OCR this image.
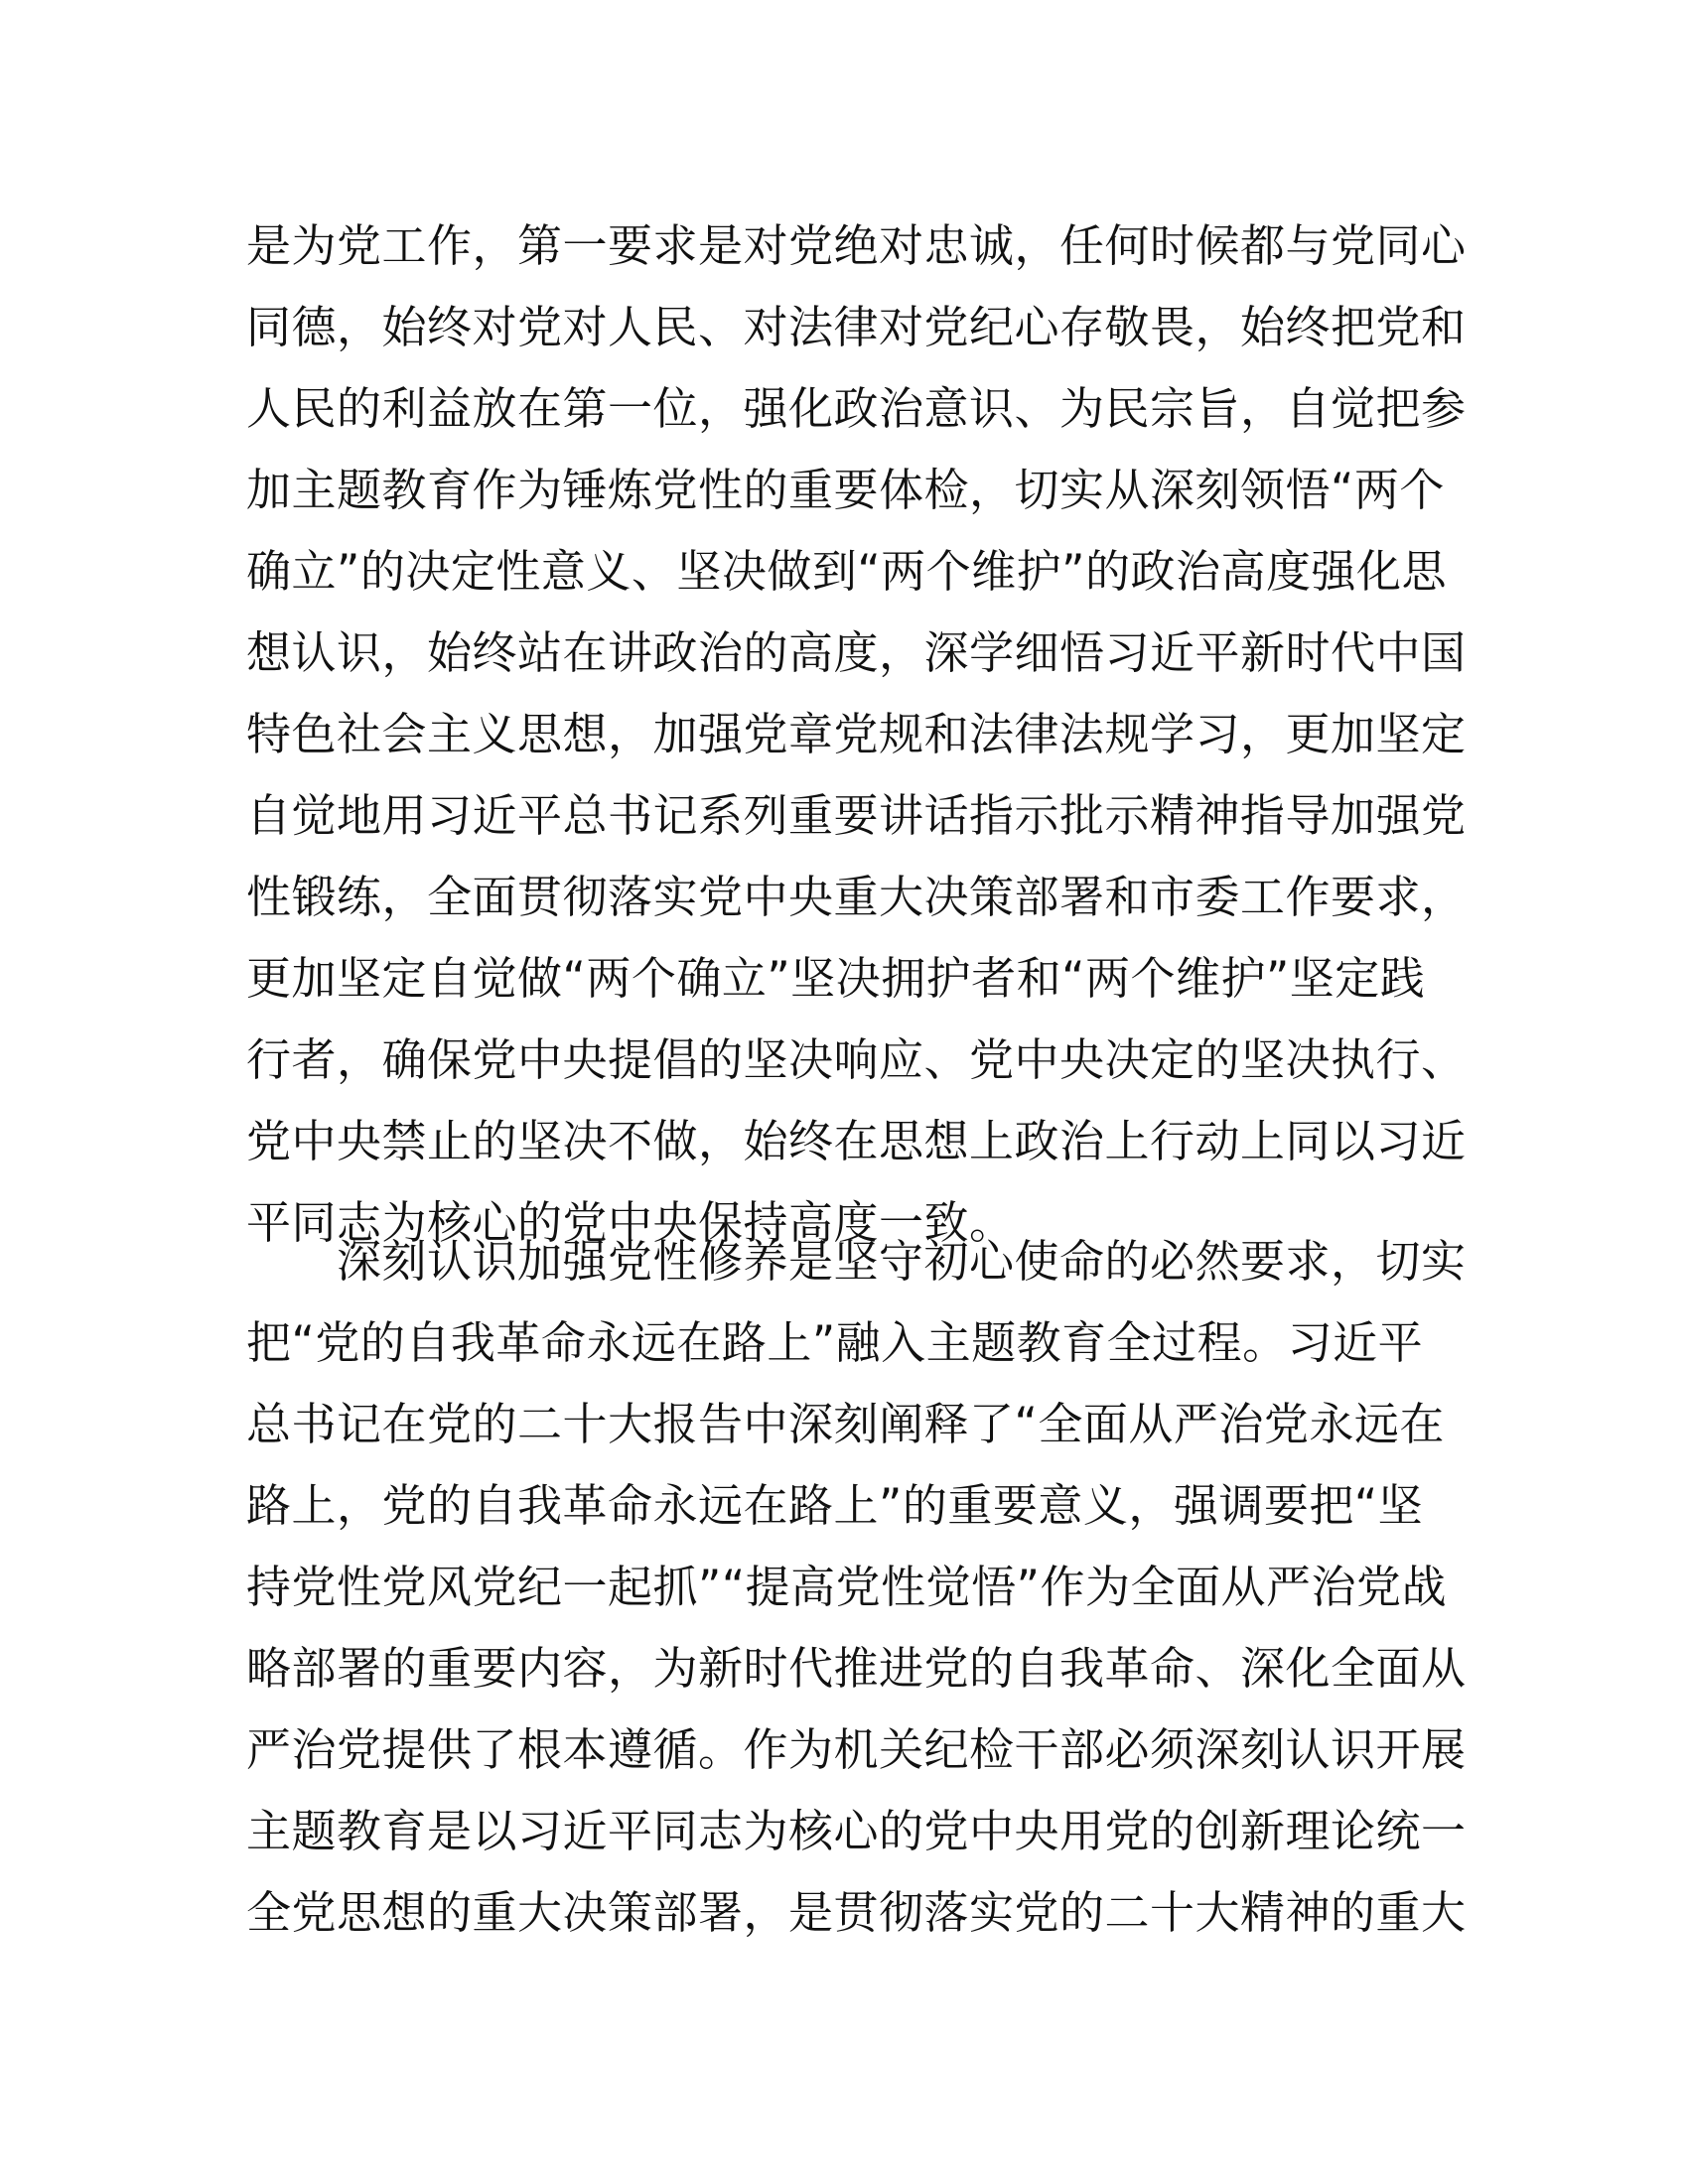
是为党工作，第一要求是对党绝对忠诚，任何时候都与党同心
同德，始终对党对人民、对法律对党纪心存敬畏，始终把党和
人民的利益放在第一位，强化政治意识、为民宗旨，自觉把参
加主题教育作为锤炼党性的重要体检，切实从深刻领悟“两个
确立”的决定性意义、坚决做到“两个维护”的政治高度强化思
想认识，始终站在讲政治的高度，深学细悟习近平新时代中国
特色社会主义思想，加强党章党规和法律法规学习，更加坚定
自觉地用习近平总书记系列重要讲话指示批示精神指导加强党
性锻练，全面贯彻落实党中央重大决策部署和市委工作要求，
更加坚定自觉做“两个确立”坚决拥护者和“两个维护”坚定践
行者，确保党中央提倡的坚决响应、党中央决定的坚决执行、
党中央禁止的坚决不做，始终在思想上政治上行动上同以习近
平同志为核心的党中央保持高度一致。
　　深刻认识加强党性修养是坚守初心使命的必然要求，切实
把“党的自我革命永远在路上”融入主题教育全过程。习近平
总书记在党的二十大报告中深刻阐释了“全面从严治党永远在
路上，党的自我革命永远在路上”的重要意义，强调要把“坚
持党性党风党纪一起抓”“提高党性觉悟”作为全面从严治党战
略部署的重要内容，为新时代推进党的自我革命、深化全面从
严治党提供了根本遵循。作为机关纪检干部必须深刻认识开展
主题教育是以习近平同志为核心的党中央用党的创新理论统一
全党思想的重大决策部署，是贯彻落实党的二十大精神的重大
